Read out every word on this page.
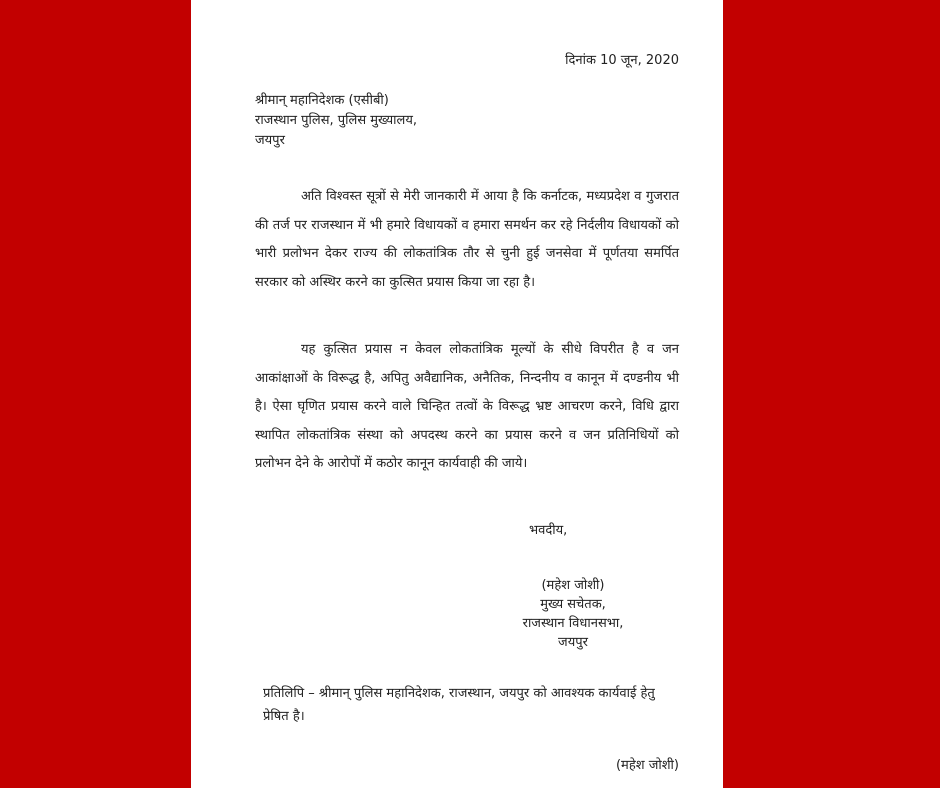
दिनांक 10 जून, 2020
श्रीमान् महानिदेशक (एसीबी)
राजस्थान पुलिस, पुलिस मुख्यालय,
जयपुर

अति विश्वस्त सूत्रों से मेरी जानकारी में आया है कि कर्नाटक, मध्यप्रदेश व गुजरात की तर्ज पर राजस्थान में भी हमारे विधायकों व हमारा समर्थन कर रहे निर्दलीय विधायकों को भारी प्रलोभन देकर राज्य की लोकतांत्रिक तौर से चुनी हुई जनसेवा में पूर्णतया समर्पित सरकार को अस्थिर करने का कुत्सित प्रयास किया जा रहा है।

यह कुत्सित प्रयास न केवल लोकतांत्रिक मूल्यों के सीधे विपरीत है व जन आकांक्षाओं के विरूद्ध है, अपितु अवैद्यानिक, अनैतिक, निन्दनीय व कानून में दण्डनीय भी है। ऐसा घृणित प्रयास करने वाले चिन्हित तत्वों के विरूद्ध भ्रष्ट आचरण करने, विधि द्वारा स्थापित लोकतांत्रिक संस्था को अपदस्थ करने का प्रयास करने व जन प्रतिनिधियों को प्रलोभन देने के आरोपों में कठोर कानून कार्यवाही की जाये।

भवदीय,
(महेश जोशी)
मुख्य सचेतक,
राजस्थान विधानसभा,
जयपुर

प्रतिलिपि – श्रीमान् पुलिस महानिदेशक, राजस्थान, जयपुर को आवश्यक कार्यवाई हेतु प्रेषित है।

(महेश जोशी)
